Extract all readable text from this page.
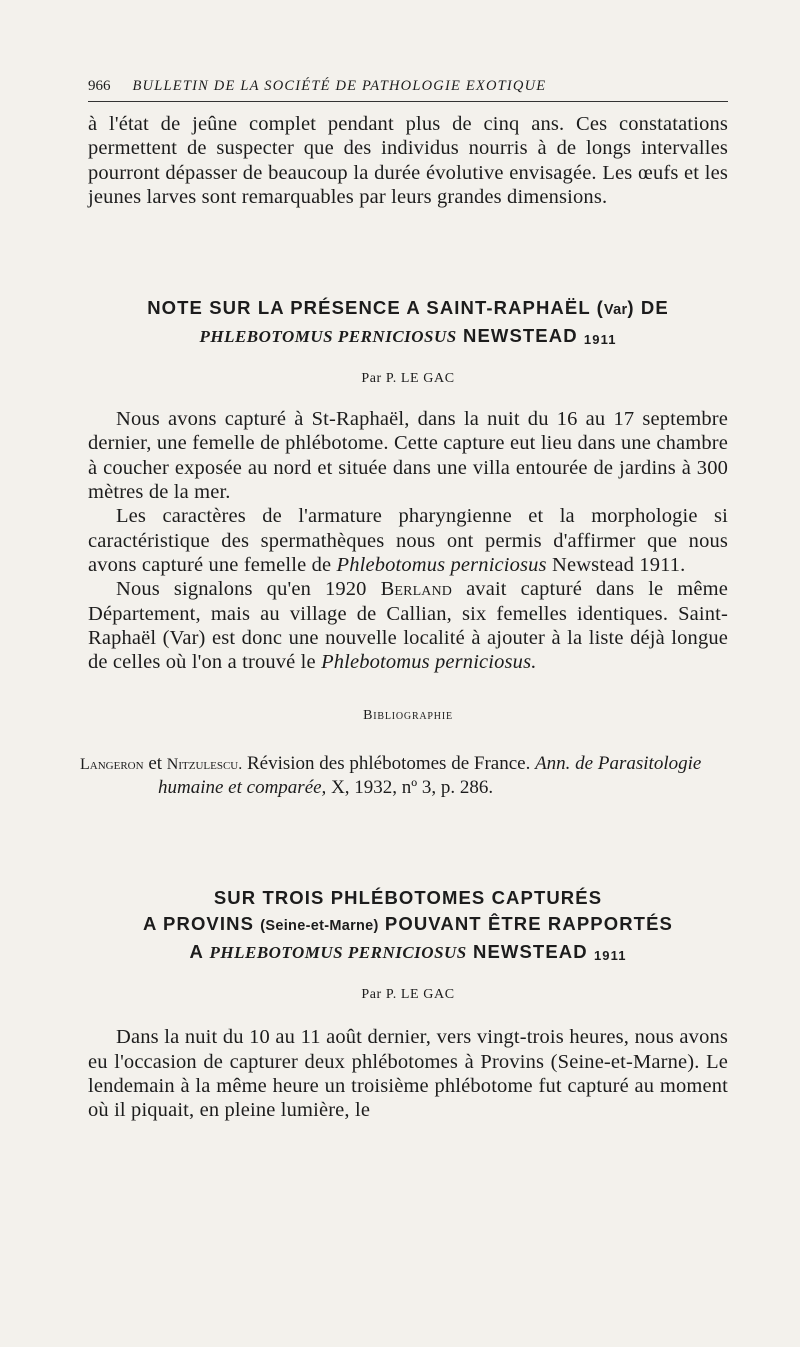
966 BULLETIN DE LA SOCIÉTÉ DE PATHOLOGIE EXOTIQUE

à l'état de jeûne complet pendant plus de cinq ans. Ces constatations permettent de suspecter que des individus nourris à de longs intervalles pourront dépasser de beaucoup la durée évolutive envisagée. Les œufs et les jeunes larves sont remarquables par leurs grandes dimensions.

NOTE SUR LA PRÉSENCE A SAINT-RAPHAËL (Var) DE
PHLEBOTOMUS PERNICIOSUS NEWSTEAD 1911

Par P. LE GAC

Nous avons capturé à St-Raphaël, dans la nuit du 16 au 17 septembre dernier, une femelle de phlébotome. Cette capture eut lieu dans une chambre à coucher exposée au nord et située dans une villa entourée de jardins à 300 mètres de la mer.

Les caractères de l'armature pharyngienne et la morphologie si caractéristique des spermathèques nous ont permis d'affirmer que nous avons capturé une femelle de Phlebotomus perniciosus Newstead 1911.

Nous signalons qu'en 1920 Berland avait capturé dans le même Département, mais au village de Callian, six femelles identiques. Saint-Raphaël (Var) est donc une nouvelle localité à ajouter à la liste déjà longue de celles où l'on a trouvé le Phlebotomus perniciosus.

Bibliographie

Langeron et Nitzulescu. Révision des phlébotomes de France. Ann. de Parasitologie humaine et comparée, X, 1932, nº 3, p. 286.

SUR TROIS PHLÉBOTOMES CAPTURÉS
A PROVINS (Seine-et-Marne) POUVANT ÊTRE RAPPORTÉS
A PHLEBOTOMUS PERNICIOSUS NEWSTEAD 1911

Par P. LE GAC

Dans la nuit du 10 au 11 août dernier, vers vingt-trois heures, nous avons eu l'occasion de capturer deux phlébotomes à Provins (Seine-et-Marne). Le lendemain à la même heure un troisième phlébotome fut capturé au moment où il piquait, en pleine lumière, le
